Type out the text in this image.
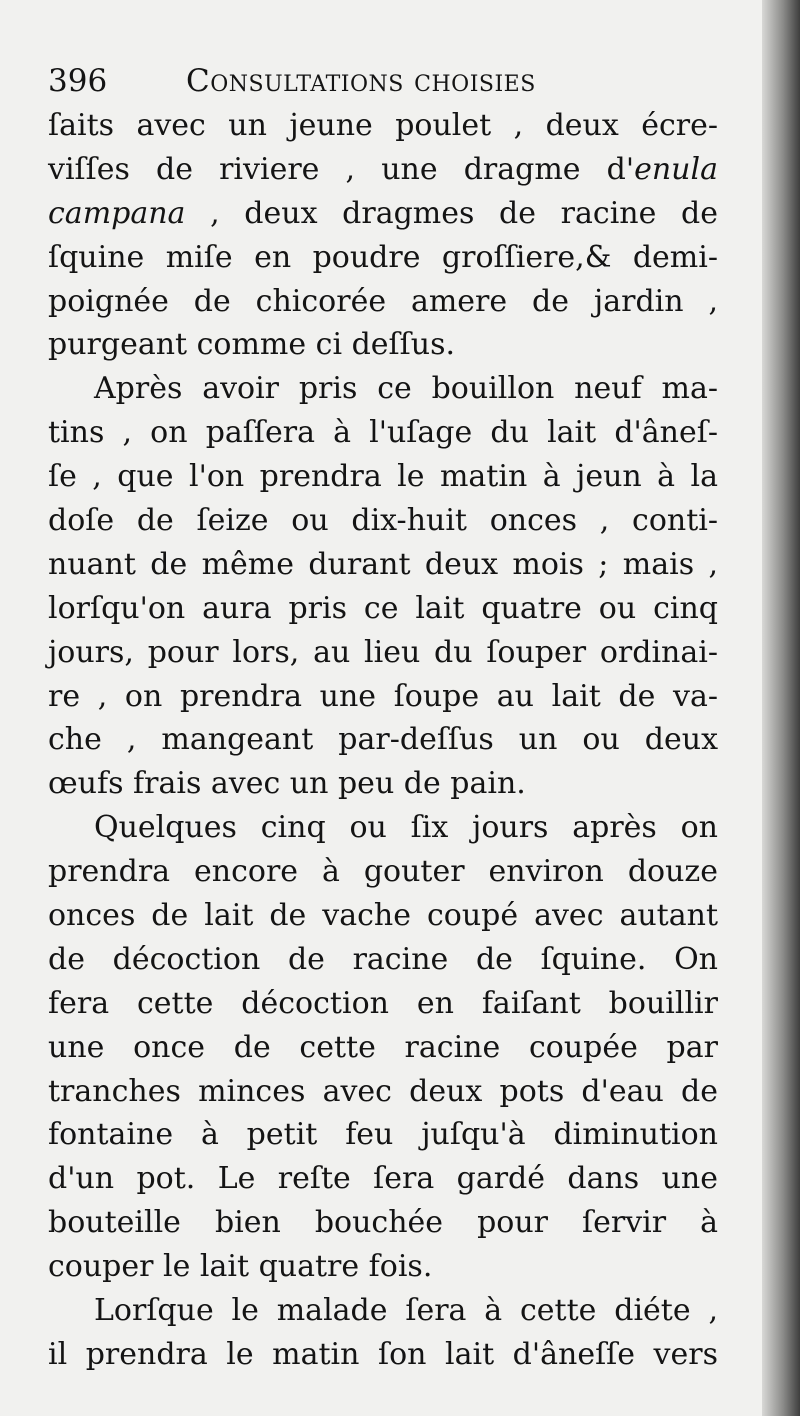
396	Consultations choisies
ſaits avec un jeune poulet , deux écre-
viſſes de riviere , une dragme d'enula
campana , deux dragmes de racine de
ſquine miſe en poudre groſſiere,& demi-
poignée de chicorée amere de jardin ,
purgeant comme ci deſſus.
Après avoir pris ce bouillon neuf ma-
tins , on paſſera à l'uſage du lait d'âneſ-
ſe , que l'on prendra le matin à jeun à la
doſe de ſeize ou dix-huit onces , conti-
nuant de même durant deux mois ; mais ,
lorſqu'on aura pris ce lait quatre ou cinq
jours, pour lors, au lieu du ſouper ordinai-
re , on prendra une ſoupe au lait de va-
che , mangeant par-deſſus un ou deux
œufs frais avec un peu de pain.
Quelques cinq ou ſix jours après on
prendra encore à gouter environ douze
onces de lait de vache coupé avec autant
de décoction de racine de ſquine. On
fera cette décoction en faiſant bouillir
une once de cette racine coupée par
tranches minces avec deux pots d'eau de
fontaine à petit feu juſqu'à diminution
d'un pot. Le reſte ſera gardé dans une
bouteille bien bouchée pour ſervir à
couper le lait quatre fois.
Lorſque le malade ſera à cette diéte ,
il prendra le matin ſon lait d'âneſſe vers
